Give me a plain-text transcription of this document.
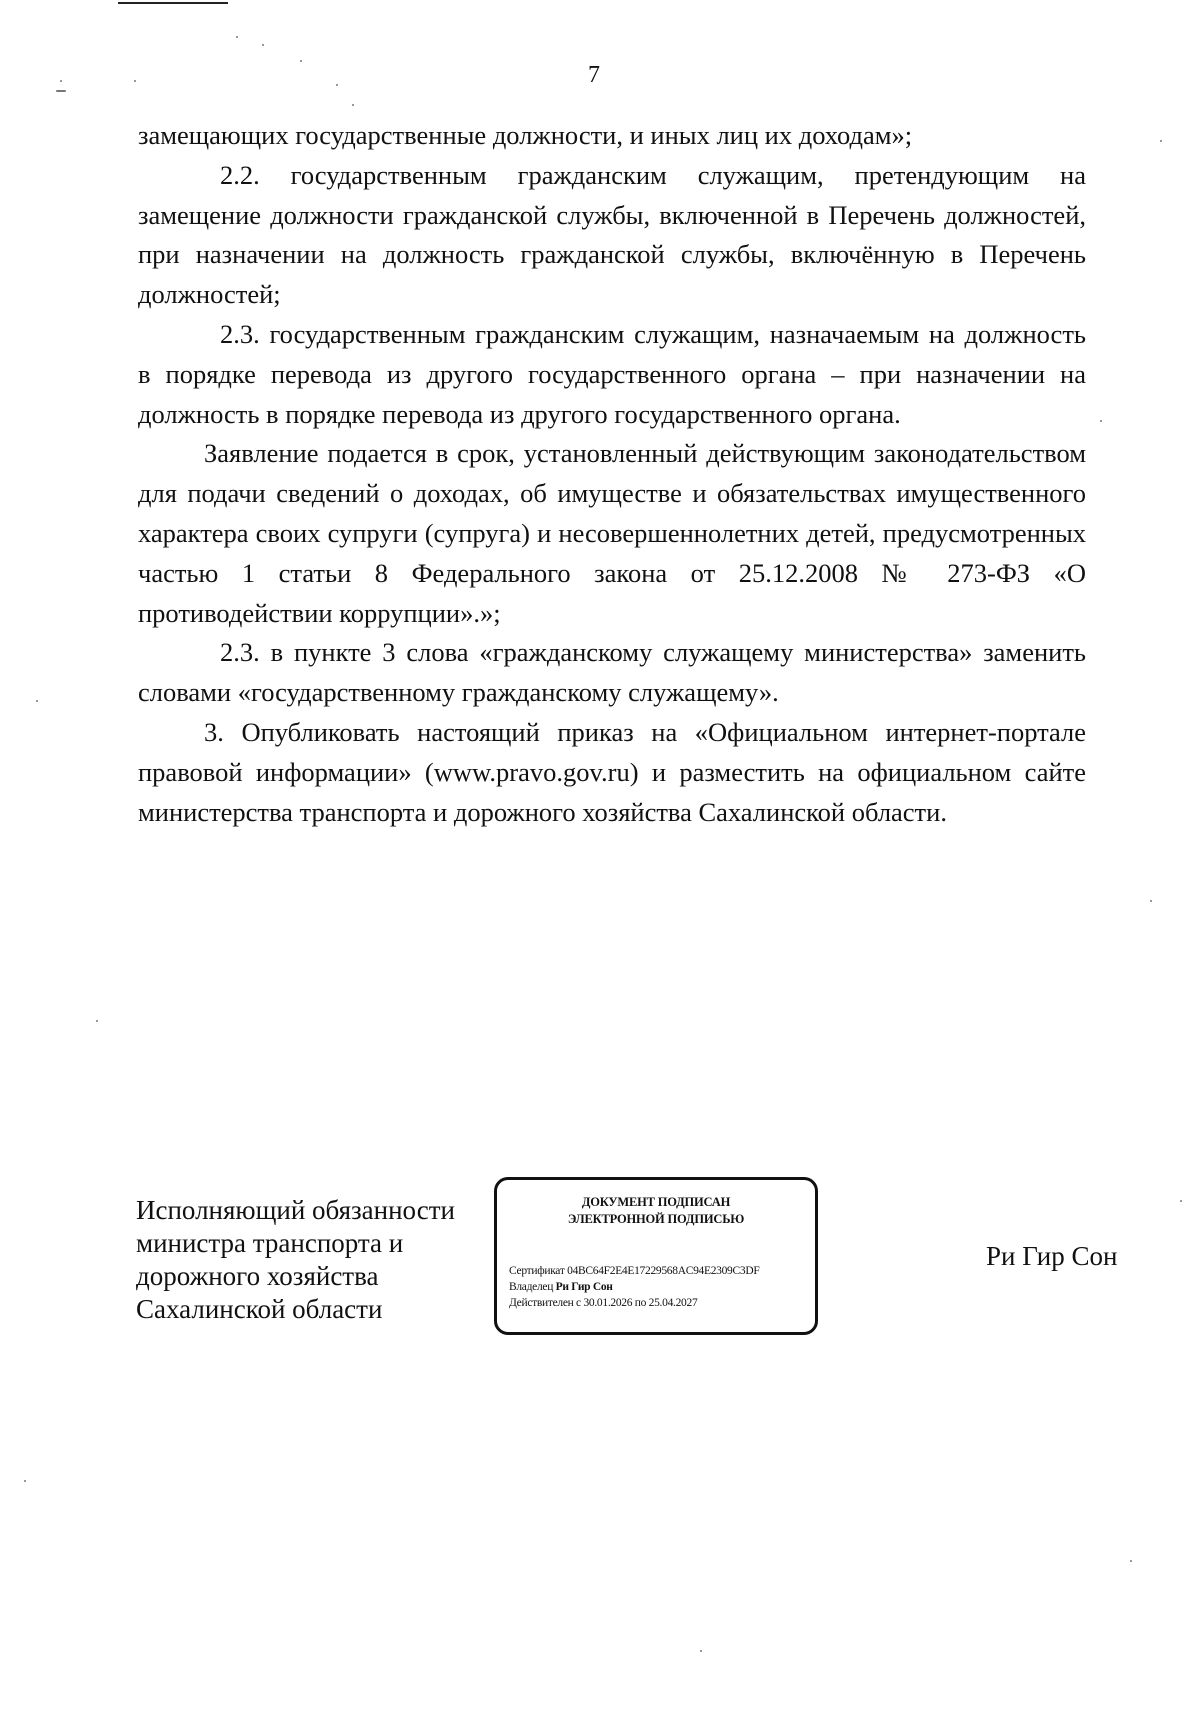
7

замещающих государственные должности, и иных лиц их доходам»;

2.2. государственным гражданским служащим, претендующим на замещение должности гражданской службы, включенной в Перечень должностей, при назначении на должность гражданской службы, включённую в Перечень должностей;

2.3. государственным гражданским служащим, назначаемым на должность в порядке перевода из другого государственного органа – при назначении на должность в порядке перевода из другого государственного органа.

Заявление подается в срок, установленный действующим законодательством для подачи сведений о доходах, об имуществе и обязательствах имущественного характера своих супруги (супруга) и несовершеннолетних детей, предусмотренных частью 1 статьи 8 Федерального закона от 25.12.2008 № 273-ФЗ «О противодействии коррупции».»;

2.3. в пункте 3 слова «гражданскому служащему министерства» заменить словами «государственному гражданскому служащему».

3. Опубликовать настоящий приказ на «Официальном интернет-портале правовой информации» (www.pravo.gov.ru) и разместить на официальном сайте министерства транспорта и дорожного хозяйства Сахалинской области.

Исполняющий обязанности
министра транспорта и
дорожного хозяйства
Сахалинской области
ДОКУМЕНТ ПОДПИСАН
ЭЛЕКТРОННОЙ ПОДПИСЬЮ
Сертификат 04BC64F2E4E17229568AC94E2309C3DF
Владелец Ри Гир Сон
Действителен с 30.01.2026 по 25.04.2027
Ри Гир Сон
